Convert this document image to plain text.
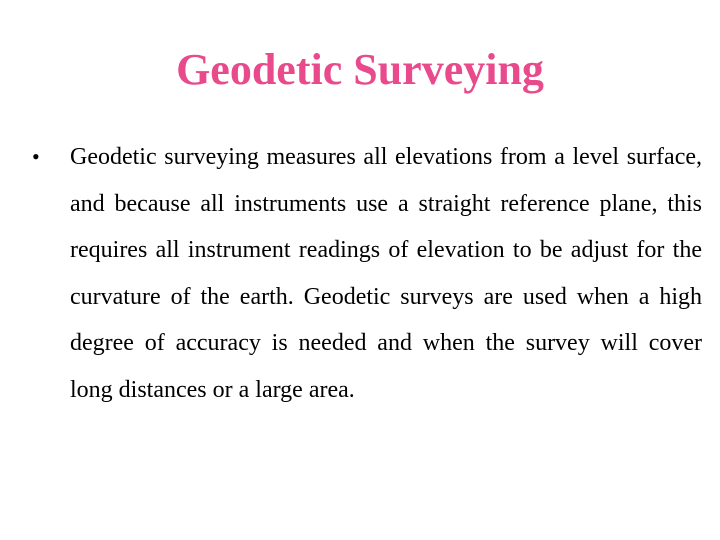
Geodetic Surveying
• Geodetic surveying measures all elevations from a level surface, and because all instruments use a straight reference plane, this requires all instrument readings of elevation to be adjust for the curvature of the earth. Geodetic surveys are used when a high degree of accuracy is needed and when the survey will cover long distances or a large area.
